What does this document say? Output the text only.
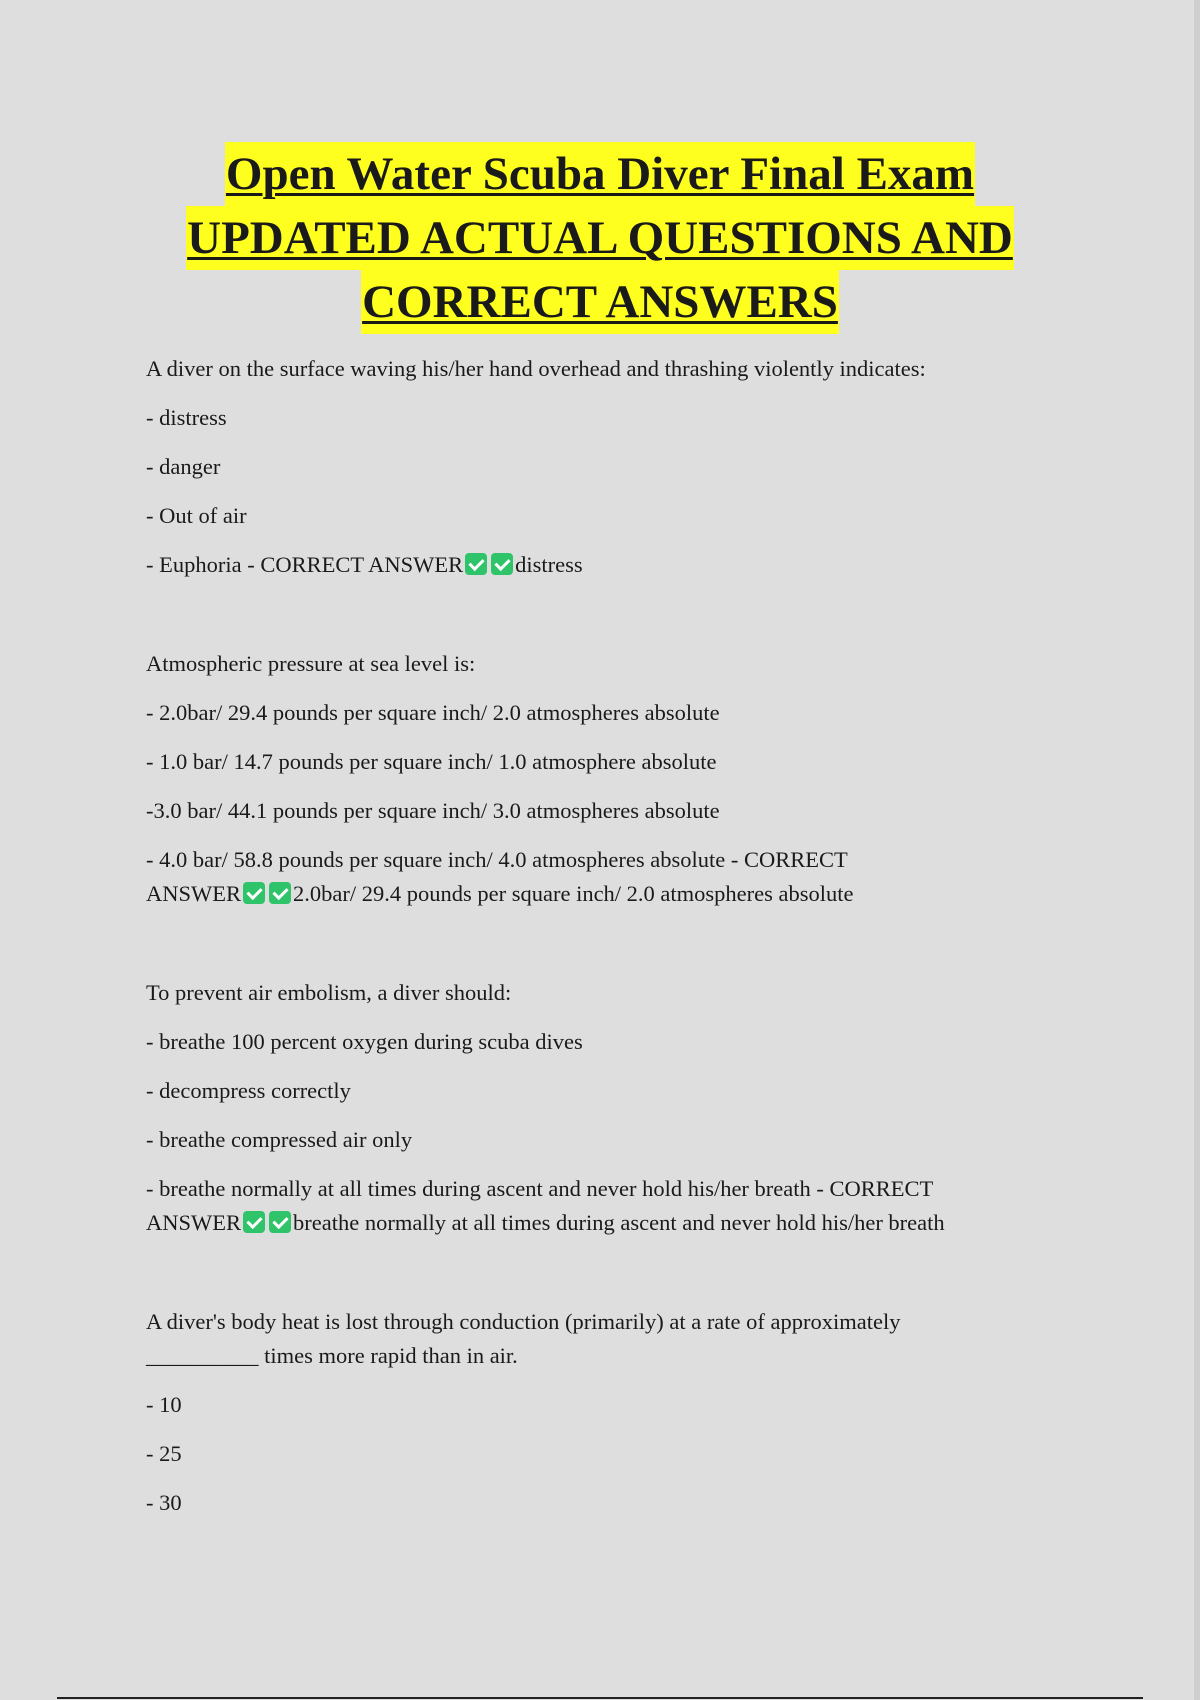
Open Water Scuba Diver Final Exam
UPDATED ACTUAL QUESTIONS AND
CORRECT ANSWERS

A diver on the surface waving his/her hand overhead and thrashing violently indicates:

- distress

- danger

- Out of air

- Euphoria - CORRECT ANSWER distress

Atmospheric pressure at sea level is:

- 2.0bar/ 29.4 pounds per square inch/ 2.0 atmospheres absolute

- 1.0 bar/ 14.7 pounds per square inch/ 1.0 atmosphere absolute

-3.0 bar/ 44.1 pounds per square inch/ 3.0 atmospheres absolute

- 4.0 bar/ 58.8 pounds per square inch/ 4.0 atmospheres absolute - CORRECT ANSWER 2.0bar/ 29.4 pounds per square inch/ 2.0 atmospheres absolute

To prevent air embolism, a diver should:

- breathe 100 percent oxygen during scuba dives

- decompress correctly

- breathe compressed air only

- breathe normally at all times during ascent and never hold his/her breath - CORRECT ANSWER breathe normally at all times during ascent and never hold his/her breath

A diver's body heat is lost through conduction (primarily) at a rate of approximately __________ times more rapid than in air.

- 10

- 25

- 30
